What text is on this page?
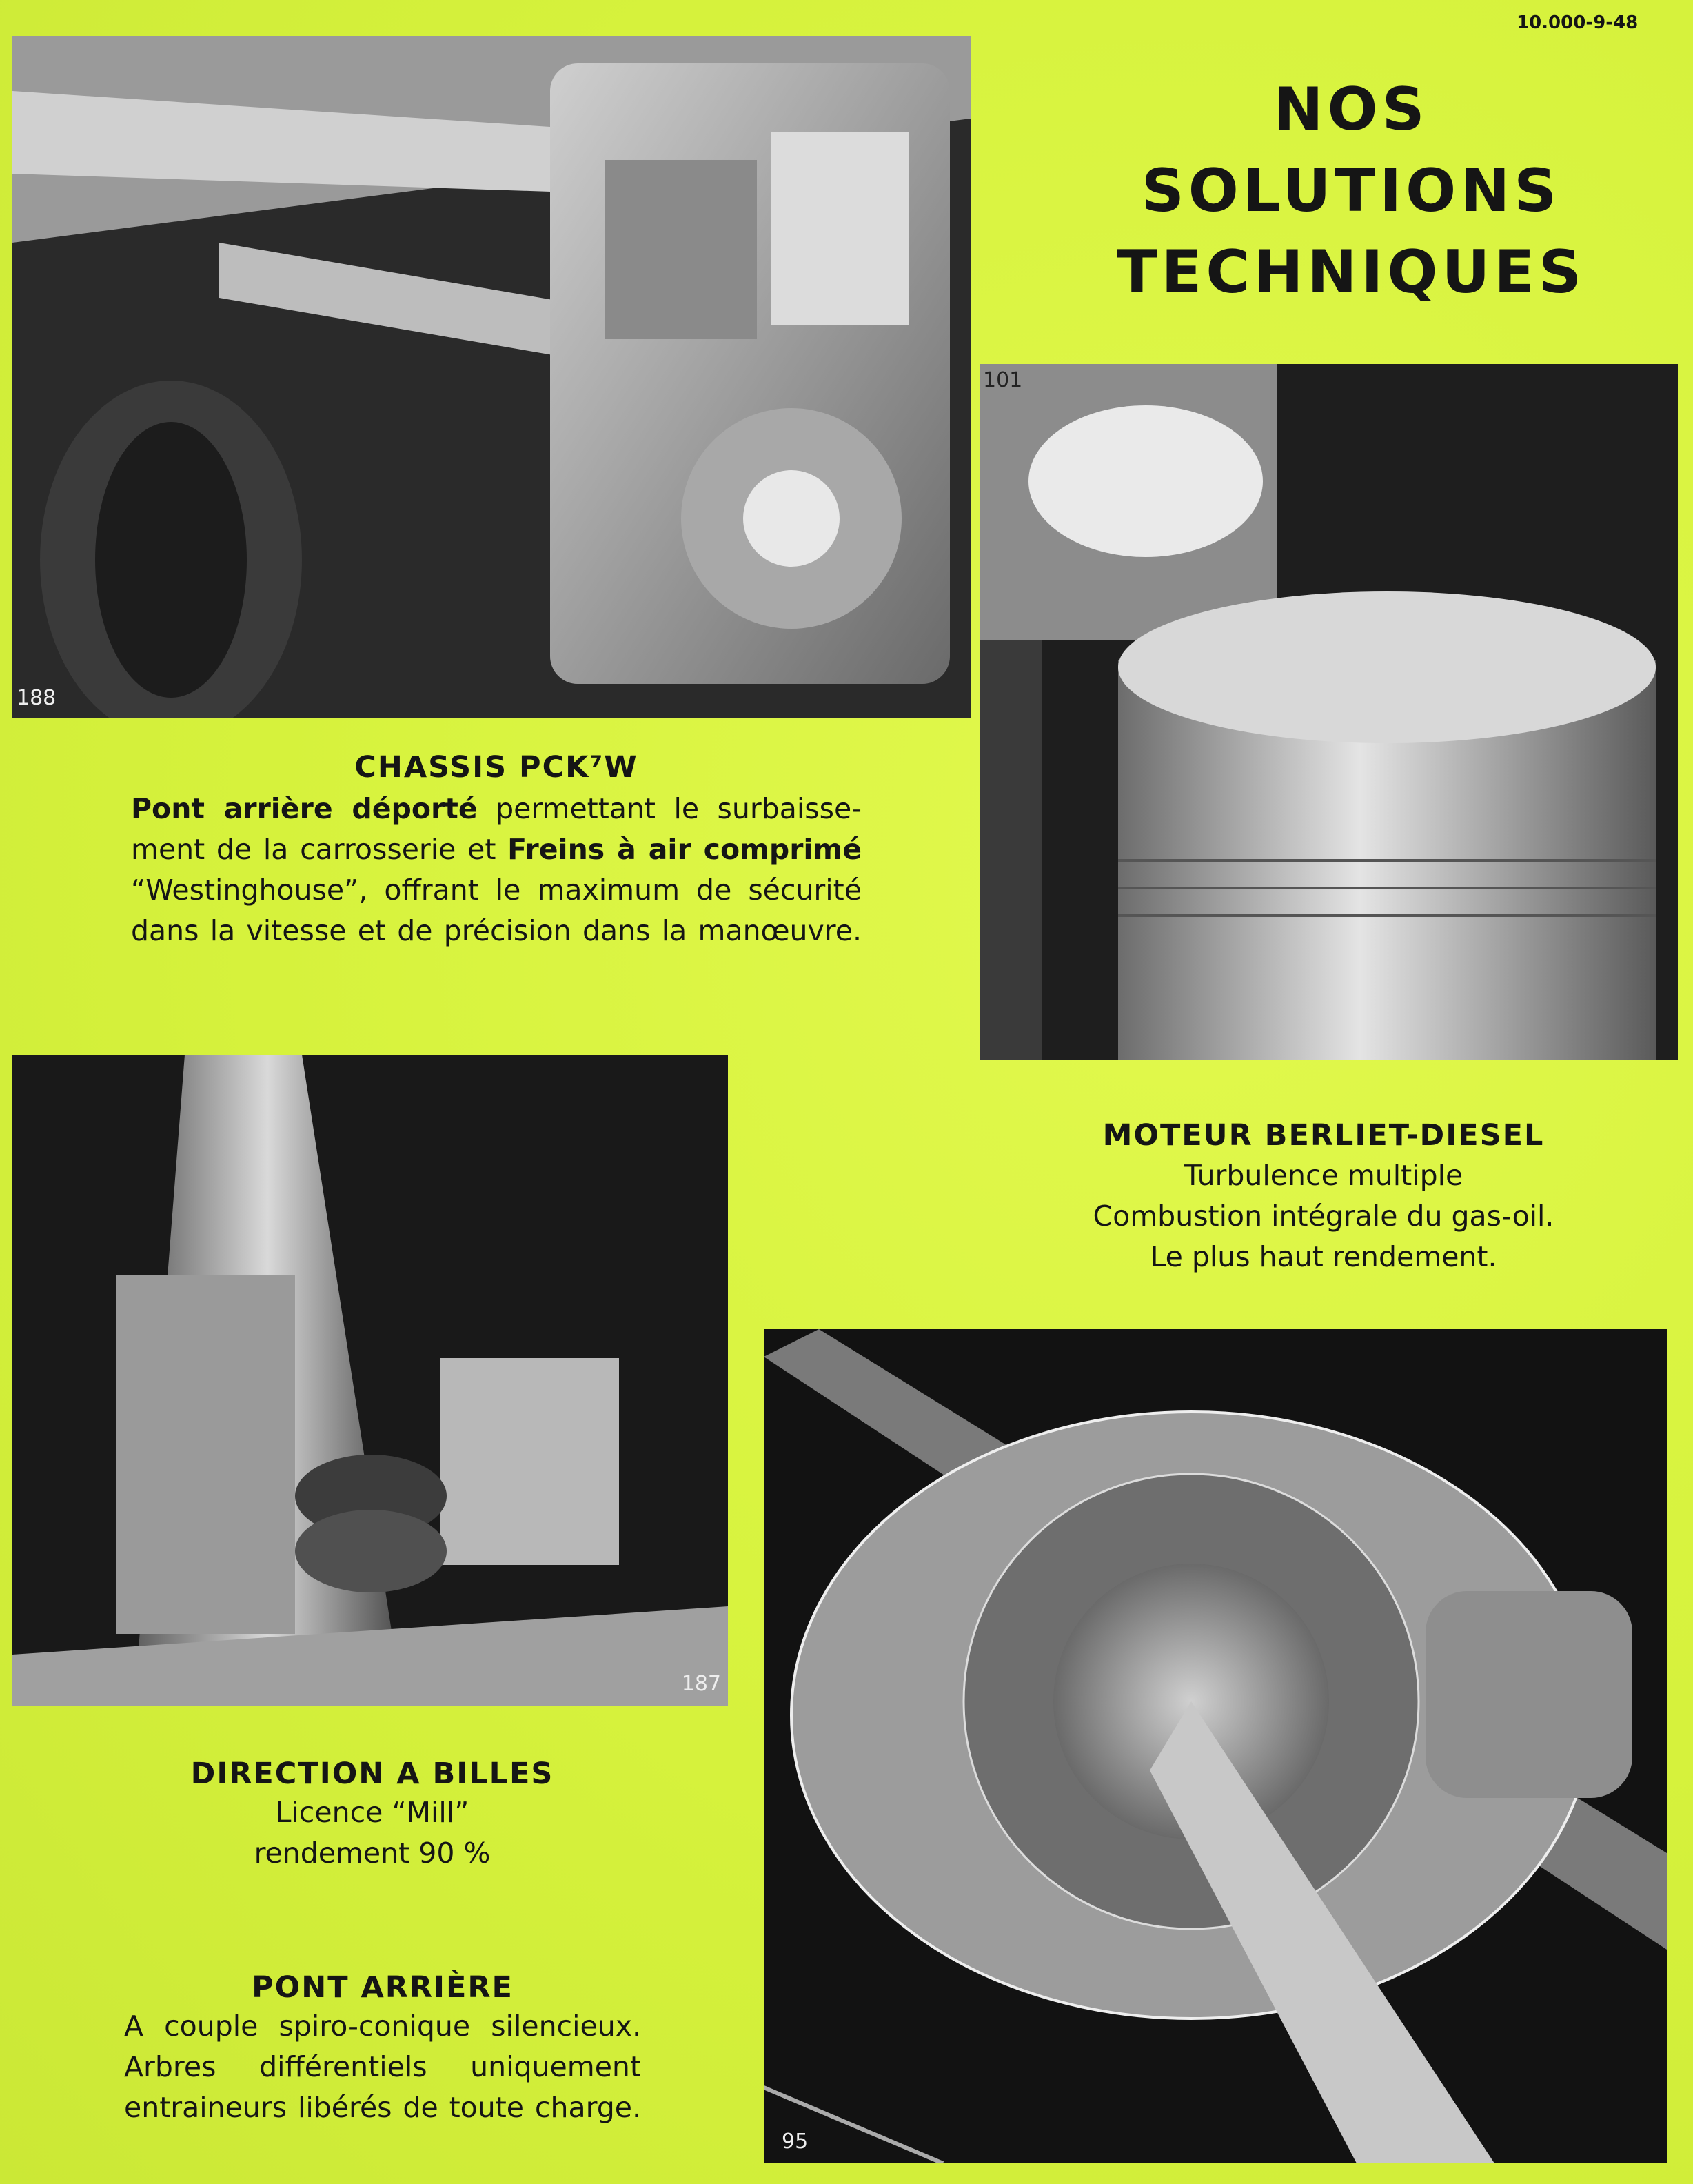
10.000-9-48
NOS
SOLUTIONS
TECHNIQUES
188
101
CHASSIS PCK⁷W
Pont arrière déporté permettant le surbaisse-
ment de la carrosserie et Freins à air comprimé
“Westinghouse”, offrant le maximum de sécurité
dans la vitesse et de précision dans la manœuvre.
MOTEUR BERLIET-DIESEL
Turbulence multiple
Combustion intégrale du gas-oil.
Le plus haut rendement.
187
95
DIRECTION A BILLES
Licence “Mill”
rendement 90 %
PONT ARRIÈRE
A couple spiro-conique silencieux.
Arbres différentiels uniquement
entraineurs libérés de toute charge.
